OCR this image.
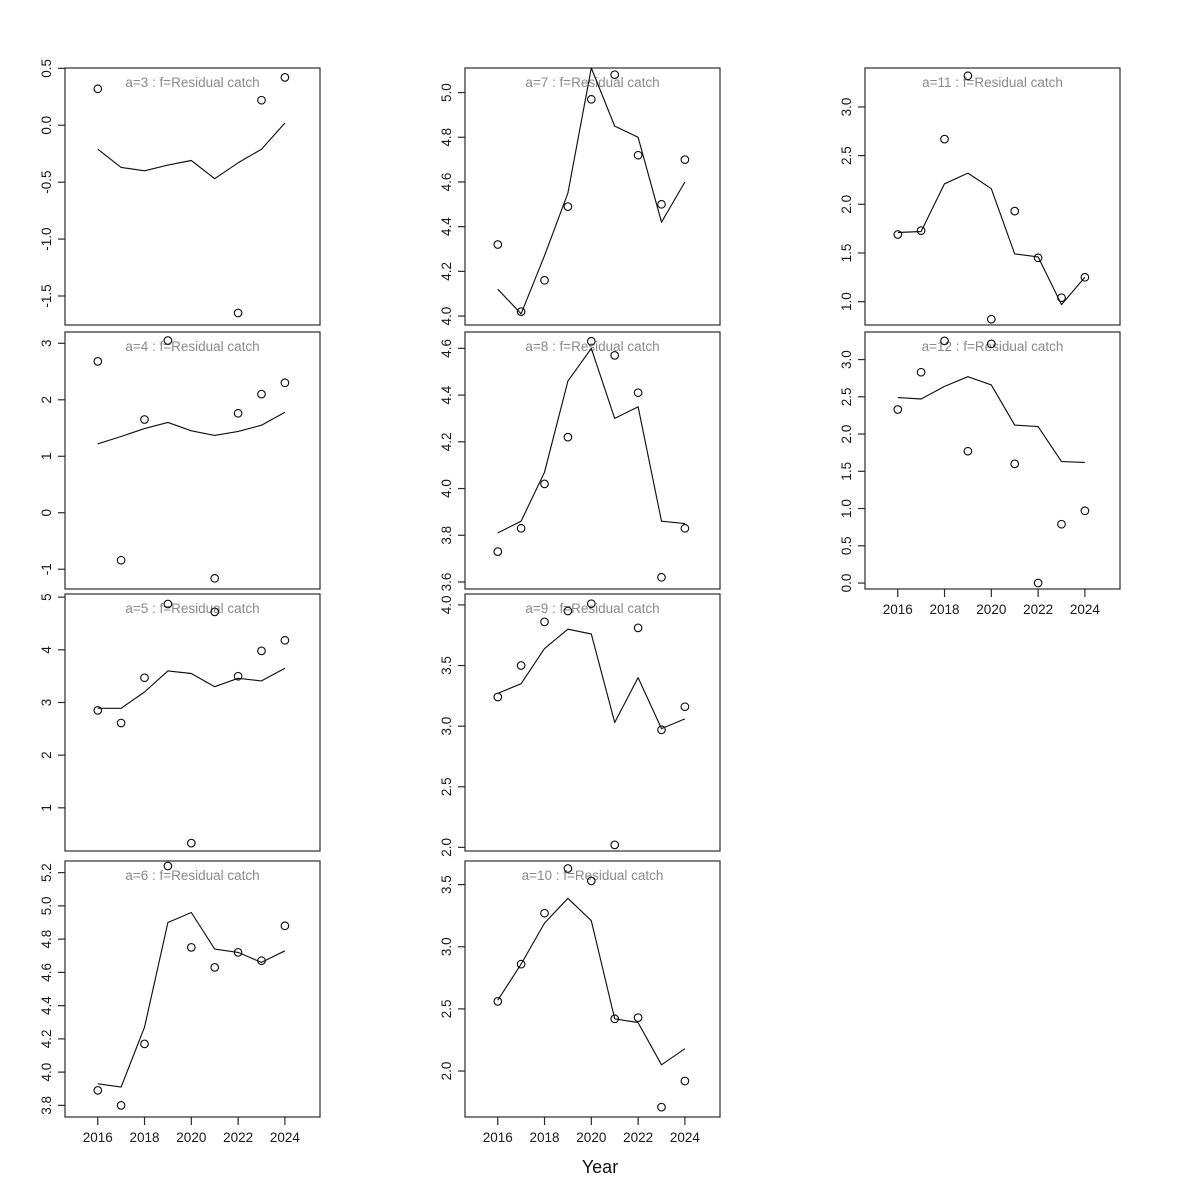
a=3 : f=Residual catch
0.5
0.0
-0.5
-1.0
-1.5
a=4 : f=Residual catch
3
2
1
0
-1
a=5 : f=Residual catch
5
4
3
2
1
a=6 : f=Residual catch
5.2
5.0
4.8
4.6
4.4
4.2
4.0
3.8
2016 2018 2020 2022 2024
a=7 : f=Residual catch
5.0
4.8
4.6
4.4
4.2
4.0
a=8 : f=Residual catch
4.6
4.4
4.2
4.0
3.8
3.6
a=9 : f=Residual catch
4.0
3.5
3.0
2.5
2.0
a=10 : f=Residual catch
3.5
3.0
2.5
2.0
2016 2018 2020 2022 2024
a=11 : f=Residual catch
3.0
2.5
2.0
1.5
1.0
a=12 : f=Residual catch
3.0
2.5
2.0
1.5
1.0
0.5
0.0
2016 2018 2020 2022 2024
Year
